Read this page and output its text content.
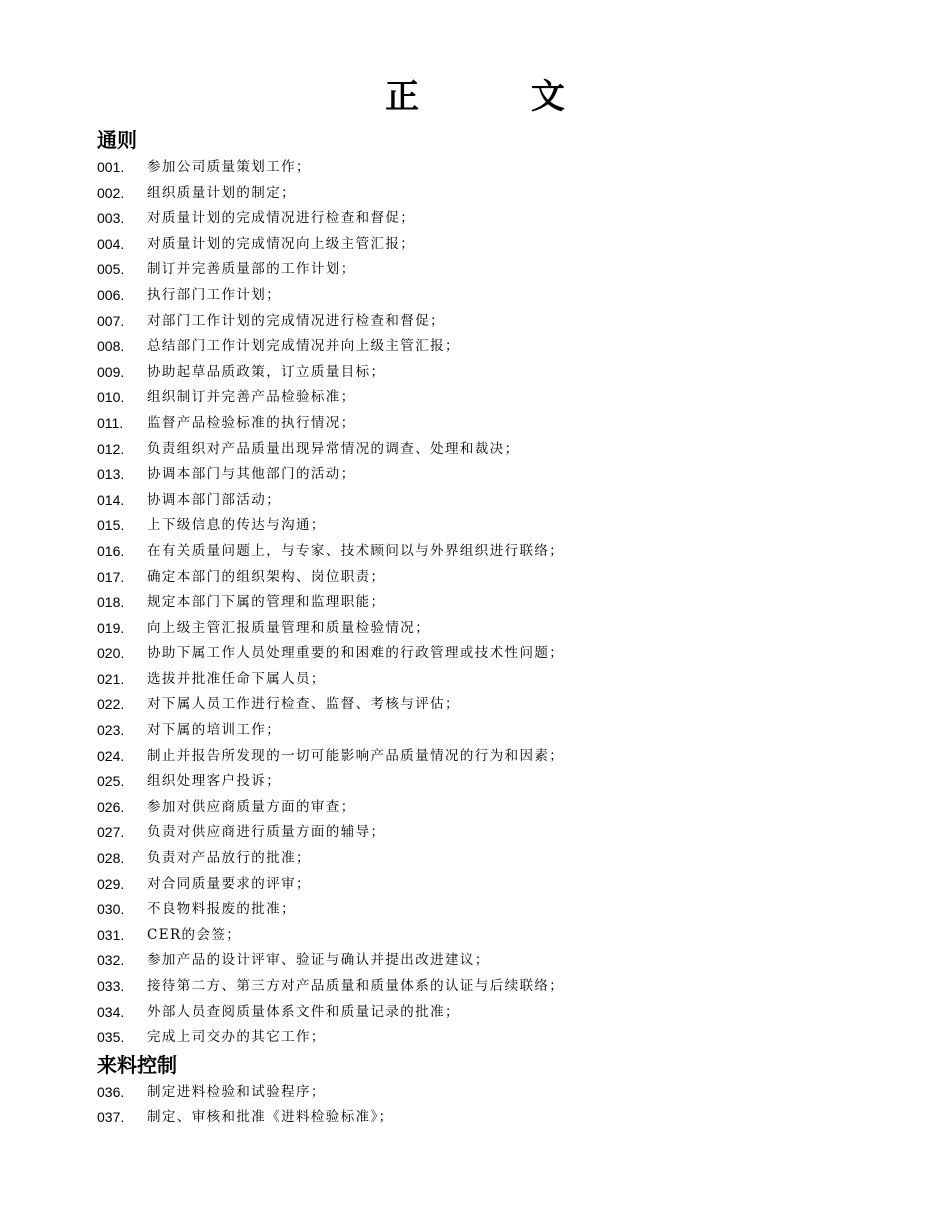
正 文
通则
001.	参加公司质量策划工作；
002.	组织质量计划的制定；
003.	对质量计划的完成情况进行检查和督促；
004.	对质量计划的完成情况向上级主管汇报；
005.	制订并完善质量部的工作计划；
006.	执行部门工作计划；
007.	对部门工作计划的完成情况进行检查和督促；
008.	总结部门工作计划完成情况并向上级主管汇报；
009.	协助起草品质政策，订立质量目标；
010.	组织制订并完善产品检验标准；
011.	监督产品检验标准的执行情况；
012.	负责组织对产品质量出现异常情况的调查、处理和裁决；
013.	协调本部门与其他部门的活动；
014.	协调本部门部活动；
015.	上下级信息的传达与沟通；
016.	在有关质量问题上，与专家、技术顾问以与外界组织进行联络；
017.	确定本部门的组织架构、岗位职责；
018.	规定本部门下属的管理和监理职能；
019.	向上级主管汇报质量管理和质量检验情况；
020.	协助下属工作人员处理重要的和困难的行政管理或技术性问题；
021.	选拔并批准任命下属人员；
022.	对下属人员工作进行检查、监督、考核与评估；
023.	对下属的培训工作；
024.	制止并报告所发现的一切可能影响产品质量情况的行为和因素；
025.	组织处理客户投诉；
026.	参加对供应商质量方面的审查；
027.	负责对供应商进行质量方面的辅导；
028.	负责对产品放行的批准；
029.	对合同质量要求的评审；
030.	不良物料报废的批准；
031.	CER的会签；
032.	参加产品的设计评审、验证与确认并提出改进建议；
033.	接待第二方、第三方对产品质量和质量体系的认证与后续联络；
034.	外部人员查阅质量体系文件和质量记录的批准；
035.	完成上司交办的其它工作；
来料控制
036.	制定进料检验和试验程序；
037.	制定、审核和批准《进料检验标准》；
